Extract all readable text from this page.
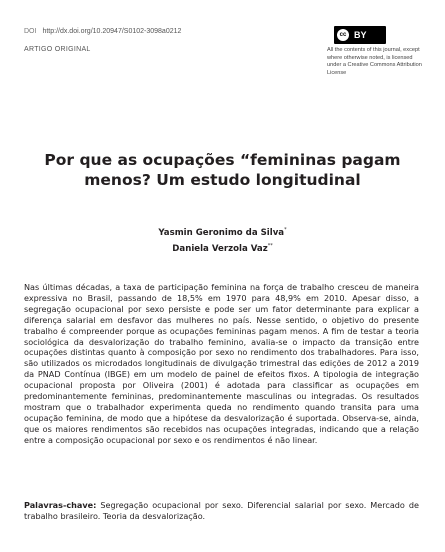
DOI http://dx.doi.org/10.20947/S0102-3098a0212
ARTIGO ORIGINAL
cc BY
All the contents of this journal, except where otherwise noted, is licensed under a Creative Commons Attribution License
Por que as ocupações “femininas pagam menos? Um estudo longitudinal
Yasmin Geronimo da Silva*
Daniela Verzola Vaz**
Nas últimas décadas, a taxa de participação feminina na força de trabalho cresceu de maneira expressiva no Brasil, passando de 18,5% em 1970 para 48,9% em 2010. Apesar disso, a segregação ocupacional por sexo persiste e pode ser um fator determinante para explicar a diferença salarial em desfavor das mulheres no país. Nesse sentido, o objetivo do presente trabalho é compreender porque as ocupações femininas pagam menos. A fim de testar a teoria sociológica da desvalorização do trabalho feminino, avalia-se o impacto da transição entre ocupações distintas quanto à composição por sexo no rendimento dos trabalhadores. Para isso, são utilizados os microdados longitudinais de divulgação trimestral das edições de 2012 a 2019 da PNAD Contínua (IBGE) em um modelo de painel de efeitos fixos. A tipologia de integração ocupacional proposta por Oliveira (2001) é adotada para classificar as ocupações em predominantemente femininas, predominantemente masculinas ou integradas. Os resultados mostram que o trabalhador experimenta queda no rendimento quando transita para uma ocupação feminina, de modo que a hipótese da desvalorização é suportada. Observa-se, ainda, que os maiores rendimentos são recebidos nas ocupações integradas, indicando que a relação entre a composição ocupacional por sexo e os rendimentos é não linear.
Palavras-chave: Segregação ocupacional por sexo. Diferencial salarial por sexo. Mercado de trabalho brasileiro. Teoria da desvalorização.
